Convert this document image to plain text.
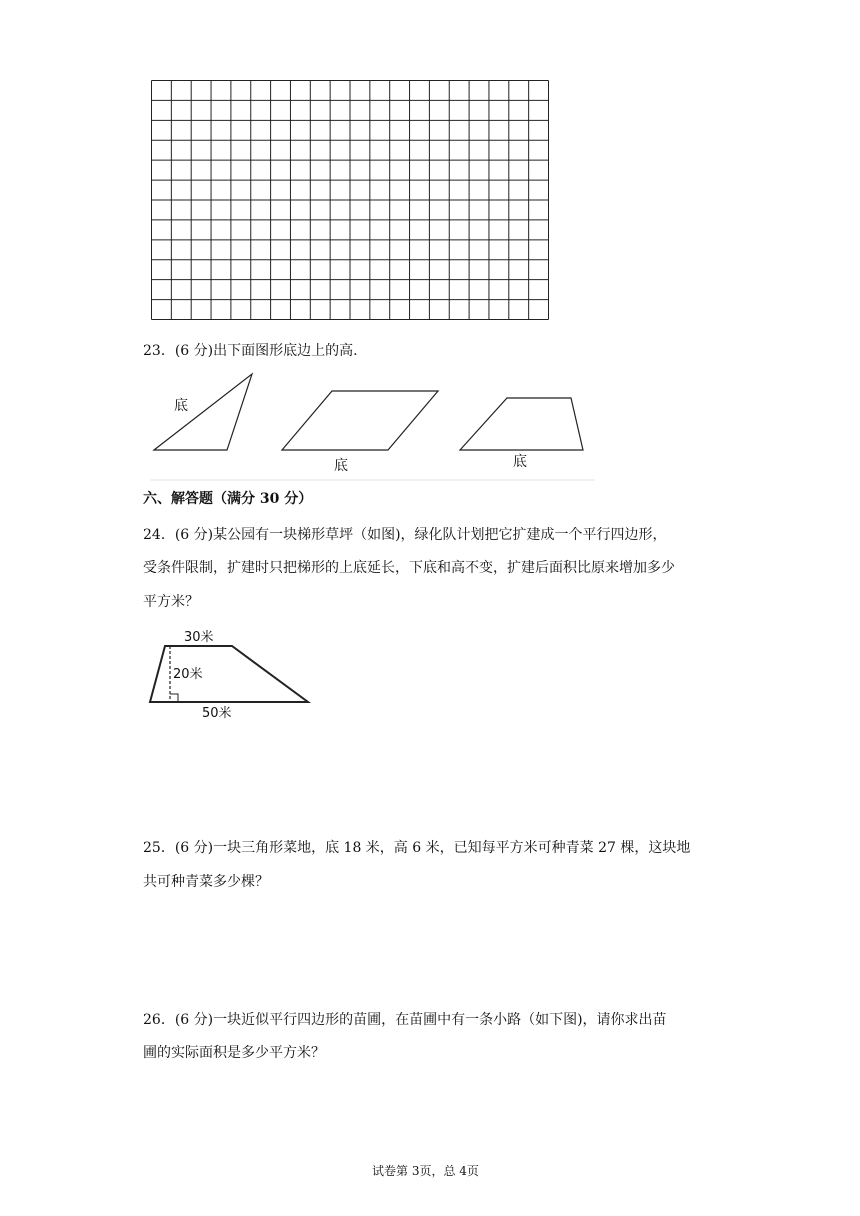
23．(6 分)出下面图形底边上的高.
底
底	底
六、解答题（满分 30 分）
24．(6 分)某公园有一块梯形草坪（如图)，绿化队计划把它扩建成一个平行四边形，
受条件限制，扩建时只把梯形的上底延长，下底和高不变，扩建后面积比原来增加多少
平方米？
30米
20米
50米
25．(6 分)一块三角形菜地，底 18 米，高 6 米，已知每平方米可种青菜 27 棵，这块地
共可种青菜多少棵？
26．(6 分)一块近似平行四边形的苗圃，在苗圃中有一条小路（如下图)，请你求出苗
圃的实际面积是多少平方米？
试卷第 3页，总 4页
